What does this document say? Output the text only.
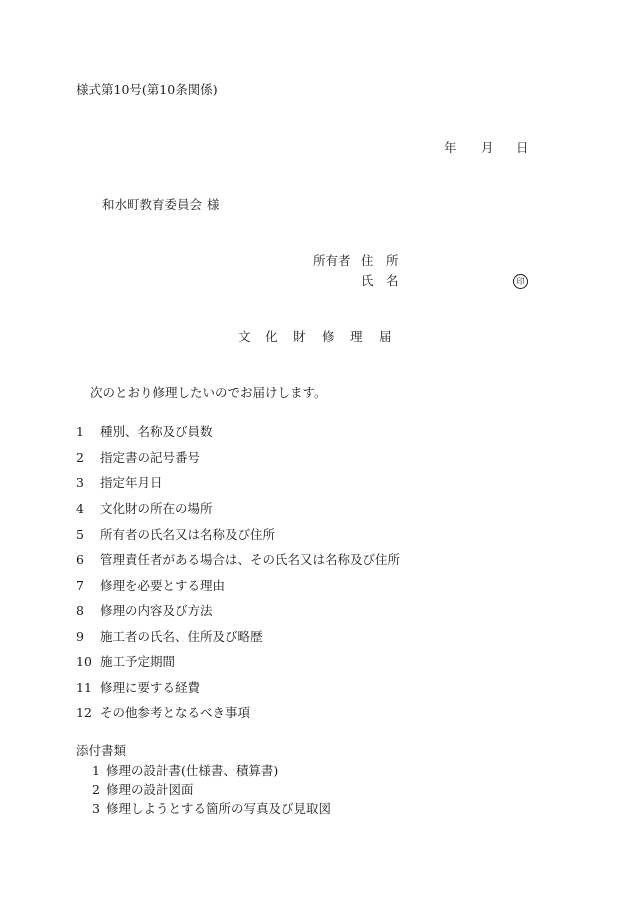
様式第10号(第10条関係)
年 月 日
和水町教育委員会 様
所有者 住　所
氏　名	印
文 化 財 修 理 届
次のとおり修理したいのでお届けします。
1 種別、名称及び員数
2 指定書の記号番号
3 指定年月日
4 文化財の所在の場所
5 所有者の氏名又は名称及び住所
6 管理責任者がある場合は、その氏名又は名称及び住所
7 修理を必要とする理由
8 修理の内容及び方法
9 施工者の氏名、住所及び略歴
10 施工予定期間
11 修理に要する経費
12 その他参考となるべき事項
添付書類
1 修理の設計書(仕様書、積算書)
2 修理の設計図面
3 修理しようとする箇所の写真及び見取図
